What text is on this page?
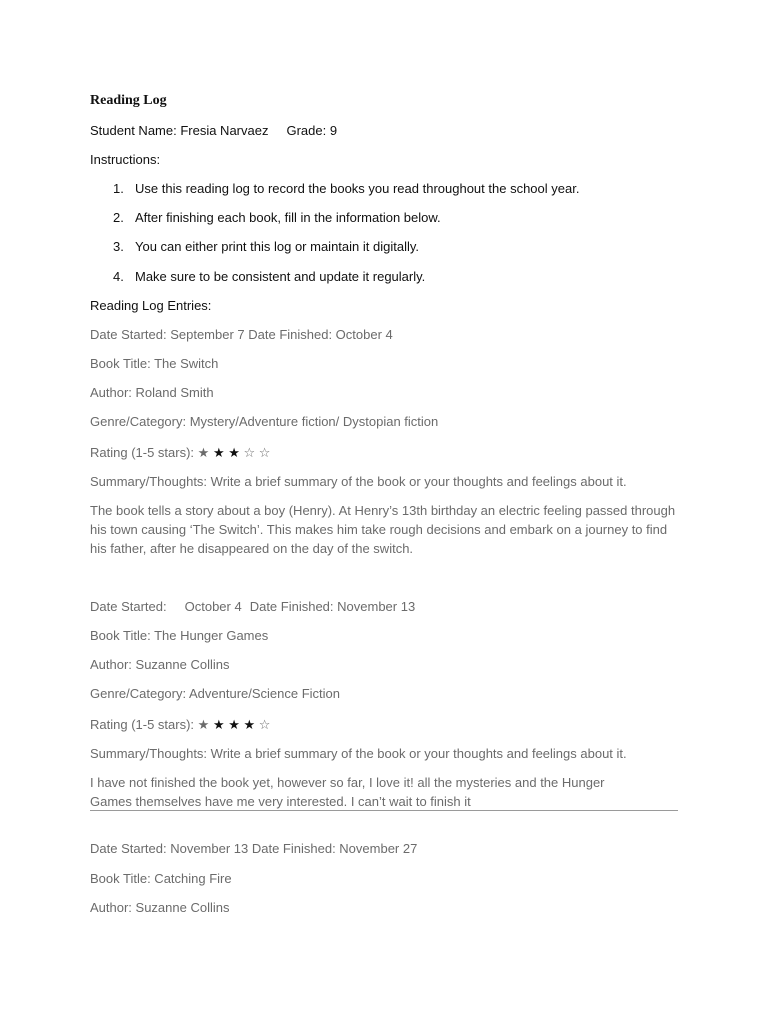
Reading Log
Student Name: Fresia Narvaez Grade: 9
Instructions:
1. Use this reading log to record the books you read throughout the school year.
2. After finishing each book, fill in the information below.
3. You can either print this log or maintain it digitally.
4. Make sure to be consistent and update it regularly.
Reading Log Entries:
Date Started: September 7 Date Finished: October 4
Book Title: The Switch
Author: Roland Smith
Genre/Category: Mystery/Adventure fiction/ Dystopian fiction
Rating (1-5 stars): ★ ★ ★ ☆ ☆
Summary/Thoughts: Write a brief summary of the book or your thoughts and feelings about it.
The book tells a story about a boy (Henry). At Henry’s 13th birthday an electric feeling passed through his town causing ‘The Switch’. This makes him take rough decisions and embark on a journey to find his father, after he disappeared on the day of the switch.
Date Started: October 4 Date Finished: November 13
Book Title: The Hunger Games
Author: Suzanne Collins
Genre/Category: Adventure/Science Fiction
Rating (1-5 stars): ★ ★ ★ ★ ☆
Summary/Thoughts: Write a brief summary of the book or your thoughts and feelings about it.
I have not finished the book yet, however so far, I love it! all the mysteries and the Hunger Games themselves have me very interested. I can’t wait to finish it
Date Started: November 13 Date Finished: November 27
Book Title: Catching Fire
Author: Suzanne Collins
